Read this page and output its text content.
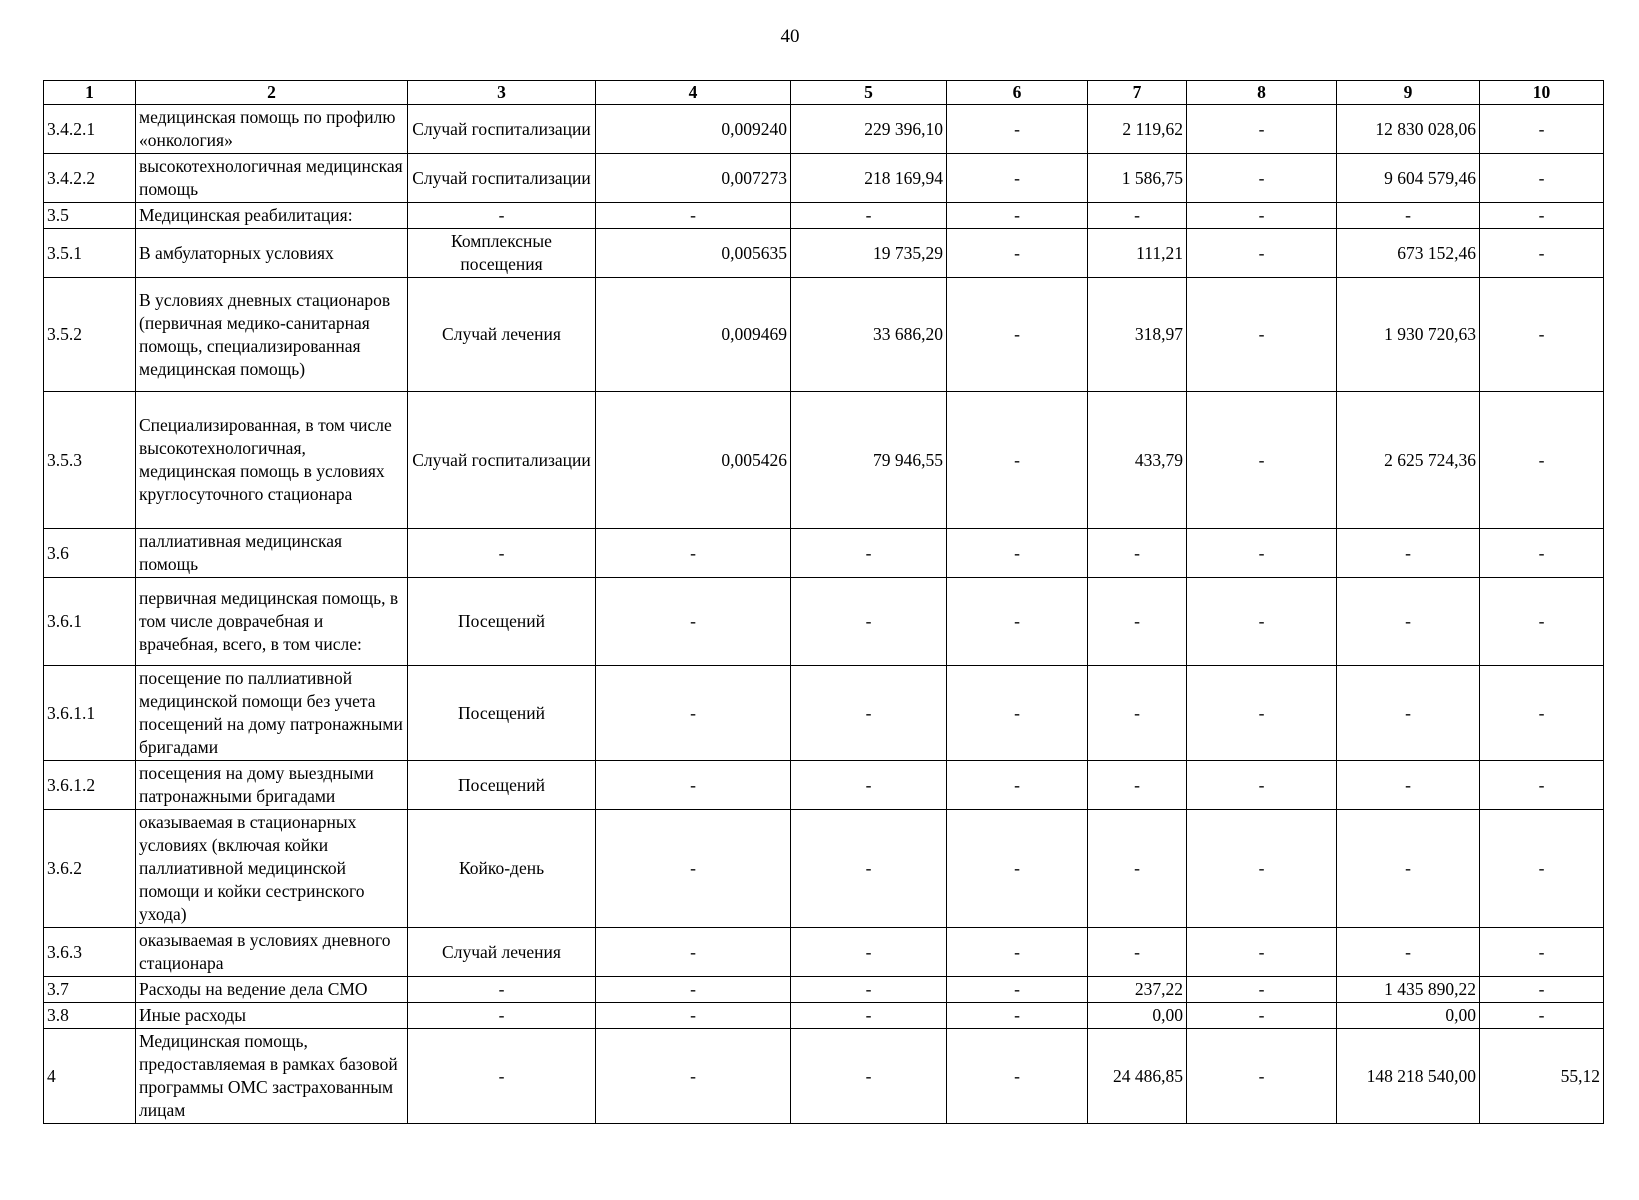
40
1	2	3	4	5	6	7	8	9	10
3.4.2.1	медицинская помощь по профилю «онкология»	Случай госпитализации	0,009240	229 396,10	-	2 119,62	-	12 830 028,06	-
3.4.2.2	высокотехнологичная медицинская помощь	Случай госпитализации	0,007273	218 169,94	-	1 586,75	-	9 604 579,46	-
3.5	Медицинская реабилитация:	-	-	-	-	-	-	-	-
3.5.1	В амбулаторных условиях	Комплексные посещения	0,005635	19 735,29	-	111,21	-	673 152,46	-
3.5.2	В условиях дневных стационаров (первичная медико-санитарная помощь, специализированная медицинская помощь)	Случай лечения	0,009469	33 686,20	-	318,97	-	1 930 720,63	-
3.5.3	Специализированная, в том числе высокотехнологичная, медицинская помощь в условиях круглосуточного стационара	Случай госпитализации	0,005426	79 946,55	-	433,79	-	2 625 724,36	-
3.6	паллиативная медицинская помощь	-	-	-	-	-	-	-	-
3.6.1	первичная медицинская помощь, в том числе доврачебная и врачебная, всего, в том числе:	Посещений	-	-	-	-	-	-	-
3.6.1.1	посещение по паллиативной медицинской помощи без учета посещений на дому патронажными бригадами	Посещений	-	-	-	-	-	-	-
3.6.1.2	посещения на дому выездными патронажными бригадами	Посещений	-	-	-	-	-	-	-
3.6.2	оказываемая в стационарных условиях (включая койки паллиативной медицинской помощи и койки сестринского ухода)	Койко-день	-	-	-	-	-	-	-
3.6.3	оказываемая в условиях дневного стационара	Случай лечения	-	-	-	-	-	-	-
3.7	Расходы на ведение дела СМО	-	-	-	-	237,22	-	1 435 890,22	-
3.8	Иные расходы	-	-	-	-	0,00	-	0,00	-
4	Медицинская помощь, предоставляемая в рамках базовой программы ОМС застрахованным лицам	-	-	-	-	24 486,85	-	148 218 540,00	55,12
